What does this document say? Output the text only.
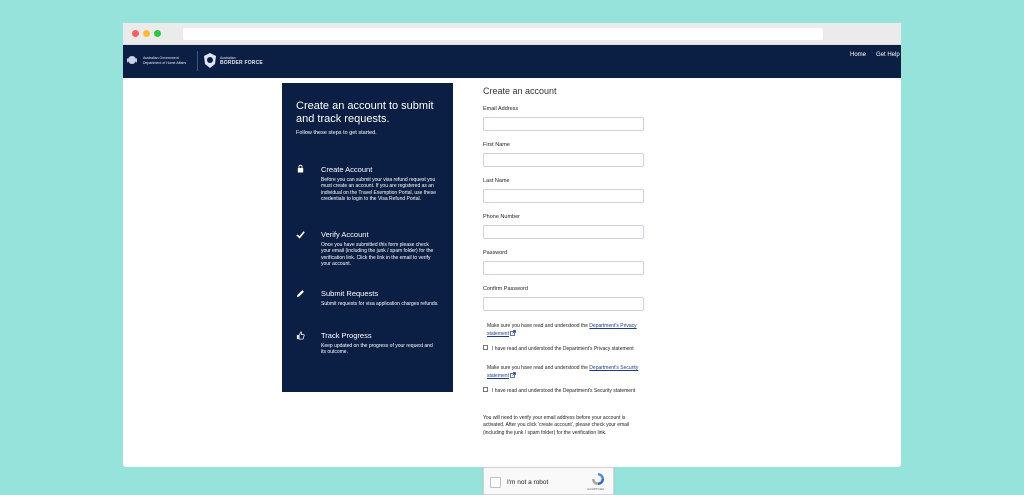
Australian Government
Department of Home Affairs
Australian
BORDER FORCE
Home Get Help
Create an account to submit and track requests.
Follow these steps to get started.
Create Account
Before you can submit your visa refund request you must create an account. If you are registered as an individual on the Travel Exemption Portal, use these credentials to login to the Visa Refund Portal.
Verify Account
Once you have submitted this form please check your email (including the junk / spam folder) for the verification link. Click the link in the email to verify your account.
Submit Requests
Submit requests for visa application charges refunds.
Track Progress
Keep updated on the progress of your request and its outcome.
Create an account
Email Address
First Name
Last Name
Phone Number
Password
Confirm Password
Make sure you have read and understood the Department's Privacy statement
I have read and understood the Department's Privacy statement
Make sure you have read and understood the Department's Security statement
I have read and understood the Department's Security statement
You will need to verify your email address before your account is activated. After you click 'create account', please check your email (including the junk / spam folder) for the verification link.
I'm not a robot
reCAPTCHA
